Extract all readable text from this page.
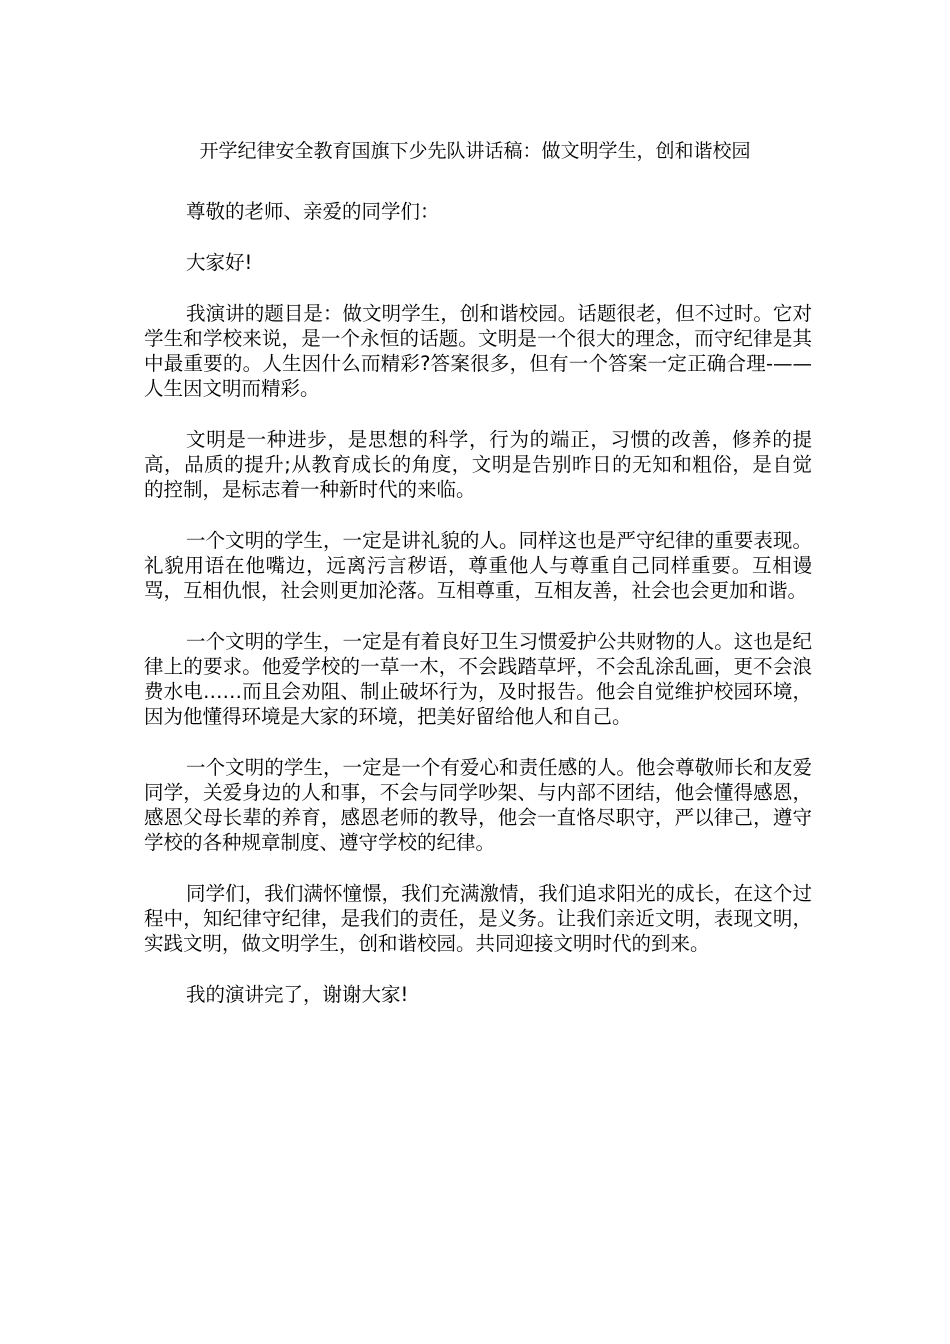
开学纪律安全教育国旗下少先队讲话稿：做文明学生，创和谐校园

尊敬的老师、亲爱的同学们：

大家好!

我演讲的题目是：做文明学生，创和谐校园。话题很老，但不过时。它对学生和学校来说，是一个永恒的话题。文明是一个很大的理念，而守纪律是其中最重要的。人生因什么而精彩?答案很多，但有一个答案一定正确合理-——人生因文明而精彩。

文明是一种进步，是思想的科学，行为的端正，习惯的改善，修养的提高，品质的提升;从教育成长的角度，文明是告别昨日的无知和粗俗，是自觉的控制，是标志着一种新时代的来临。

一个文明的学生，一定是讲礼貌的人。同样这也是严守纪律的重要表现。礼貌用语在他嘴边，远离污言秽语，尊重他人与尊重自己同样重要。互相谩骂，互相仇恨，社会则更加沦落。互相尊重，互相友善，社会也会更加和谐。

一个文明的学生，一定是有着良好卫生习惯爱护公共财物的人。这也是纪律上的要求。他爱学校的一草一木，不会践踏草坪，不会乱涂乱画，更不会浪费水电……而且会劝阻、制止破坏行为，及时报告。他会自觉维护校园环境，因为他懂得环境是大家的环境，把美好留给他人和自己。

一个文明的学生，一定是一个有爱心和责任感的人。他会尊敬师长和友爱同学，关爱身边的人和事，不会与同学吵架、与内部不团结，他会懂得感恩，感恩父母长辈的养育，感恩老师的教导，他会一直恪尽职守，严以律己，遵守学校的各种规章制度、遵守学校的纪律。

同学们，我们满怀憧憬，我们充满激情，我们追求阳光的成长，在这个过程中，知纪律守纪律，是我们的责任，是义务。让我们亲近文明，表现文明，实践文明，做文明学生，创和谐校园。共同迎接文明时代的到来。

我的演讲完了，谢谢大家!
